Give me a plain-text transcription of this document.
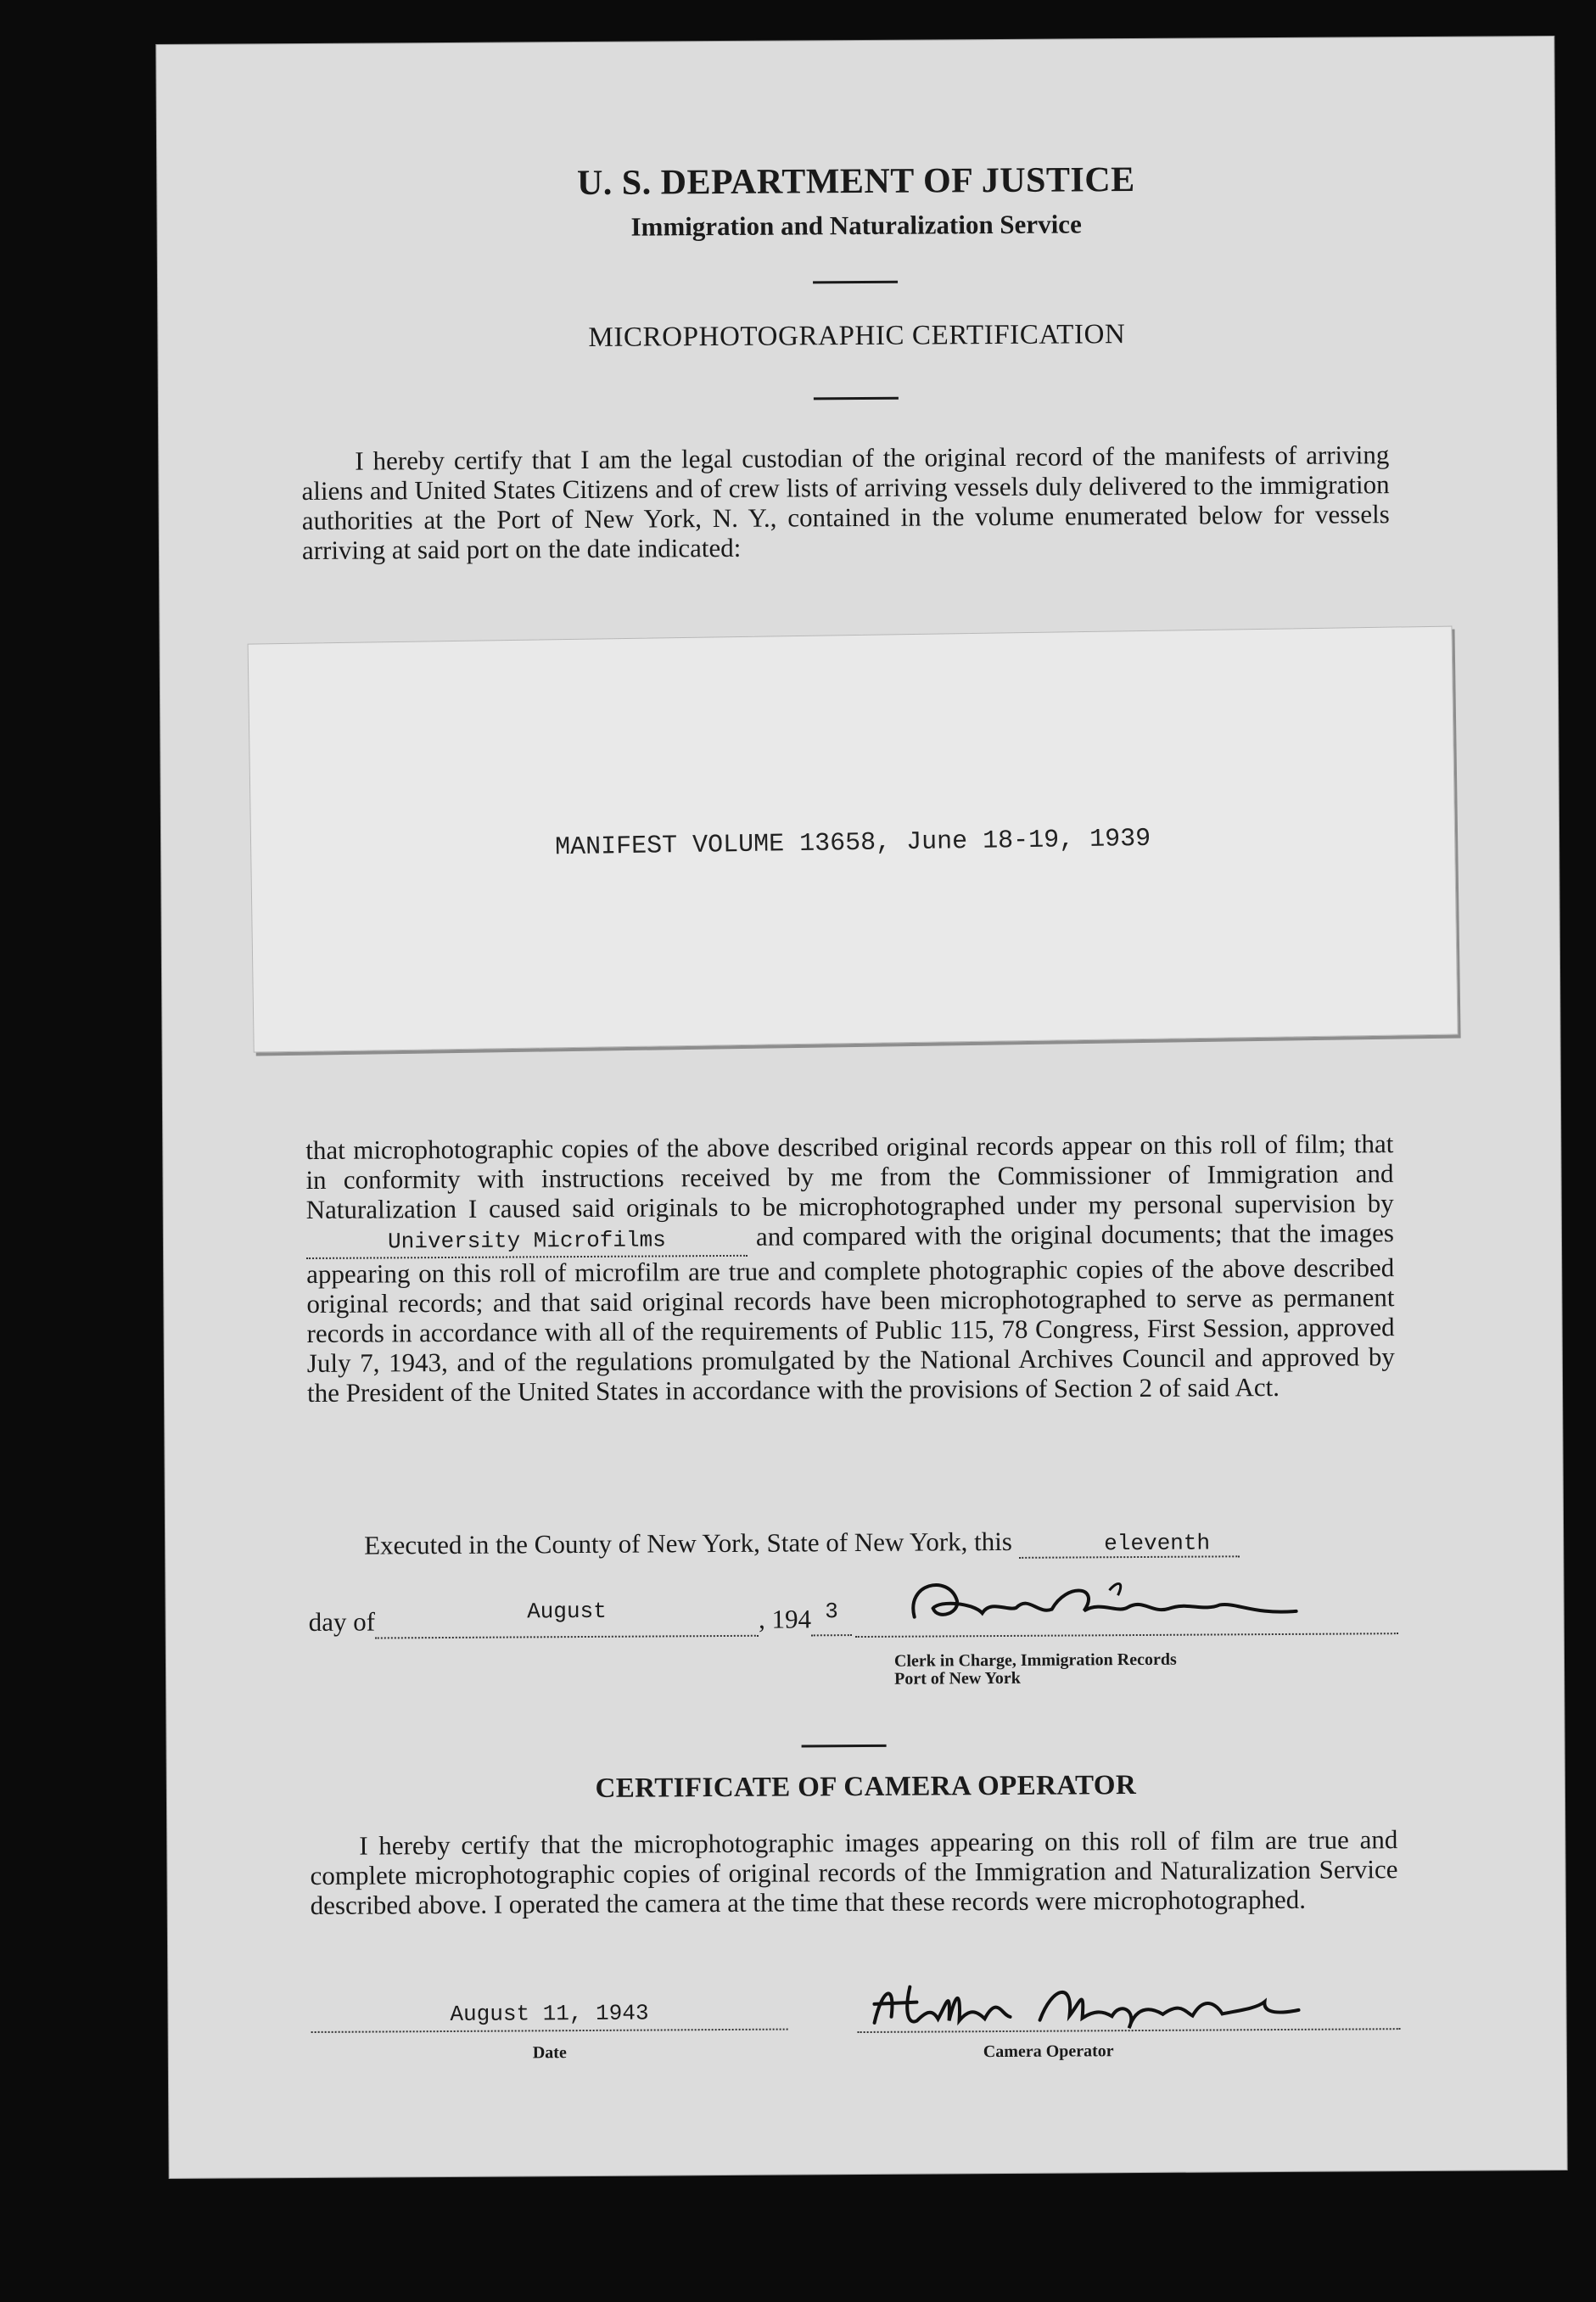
U. S. DEPARTMENT OF JUSTICE
Immigration and Naturalization Service
MICROPHOTOGRAPHIC CERTIFICATION
I hereby certify that I am the legal custodian of the original record of the manifests of arriving aliens and United States Citizens and of crew lists of arriving vessels duly delivered to the immigration authorities at the Port of New York, N. Y., contained in the volume enumerated below for vessels arriving at said port on the date indicated:
MANIFEST VOLUME 13658, June 18-19, 1939
that microphotographic copies of the above described original records appear on this roll of film; that in conformity with instructions received by me from the Commissioner of Immigration and Naturalization I caused said originals to be microphotographed under my personal supervision by University Microfilms	and compared with the original documents; that the images appearing on this roll of microfilm are true and complete photographic copies of the above described original records; and that said original records have been microphotographed to serve as permanent records in accordance with all of the requirements of Public 115, 78 Congress, First Session, approved July 7, 1943, and of the regulations promulgated by the National Archives Council and approved by the President of the United States in accordance with the provisions of Section 2 of said Act.
Executed in the County of New York, State of New York, this	eleventh
day of	$^{August}$	, 194 $^3$
Clerk in Charge, Immigration Records
Port of New York
CERTIFICATE OF CAMERA OPERATOR
I hereby certify that the microphotographic images appearing on this roll of film are true and complete microphotographic copies of original records of the Immigration and Naturalization Service described above. I operated the camera at the time that these records were microphotographed.
August 11, 1943
Date	Camera Operator
